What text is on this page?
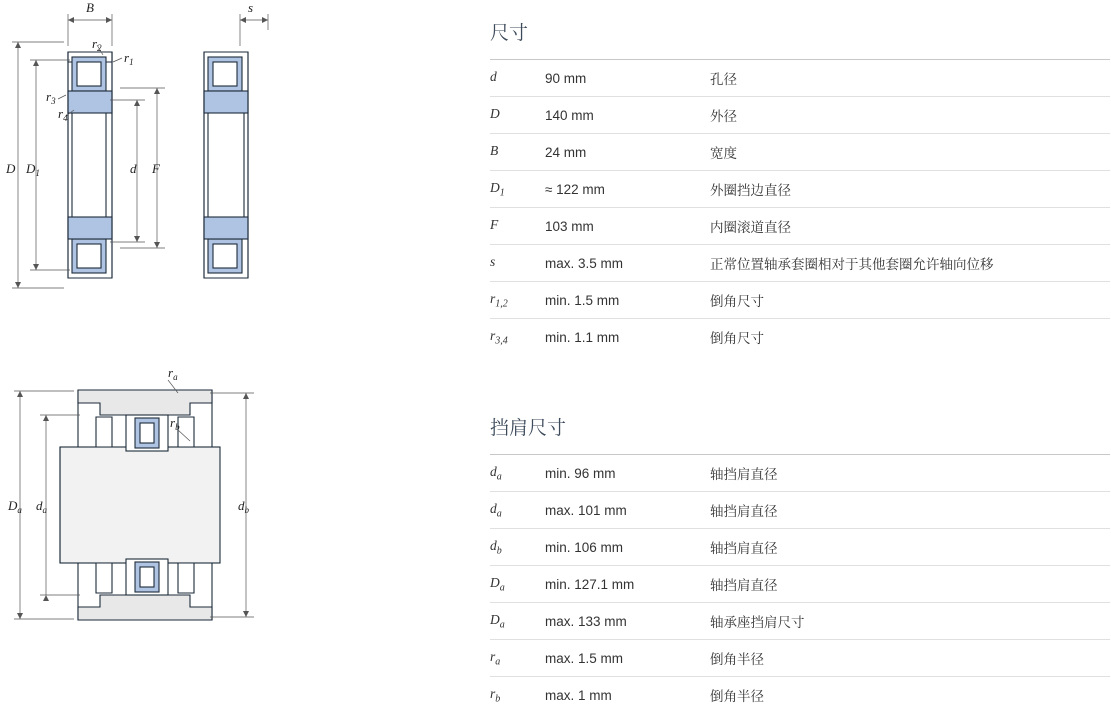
B	s
$r_2$
$r_1$
$r_3$
$r_4$
D $D_1$	d F
$r_a$
$r_b$
$D_a$ $d_a$	$d_b$
尺寸
d	90 mm	孔径
D	140 mm	外径
B	24 mm	宽度
$D_1$	≈ 122 mm	外圈挡边直径
F	103 mm	内圈滚道直径
s	max. 3.5 mm	正常位置轴承套圈相对于其他套圈允许轴向位移
$r_{1,2}$	min. 1.5 mm	倒角尺寸
$r_{3,4}$	min. 1.1 mm	倒角尺寸
挡肩尺寸
$d_a$	min. 96 mm	轴挡肩直径
$d_a$	max. 101 mm	轴挡肩直径
$d_b$	min. 106 mm	轴挡肩直径
$D_a$	min. 127.1 mm	轴挡肩直径
$D_a$	max. 133 mm	轴承座挡肩尺寸
$r_a$	max. 1.5 mm	倒角半径
$r_b$	max. 1 mm	倒角半径
